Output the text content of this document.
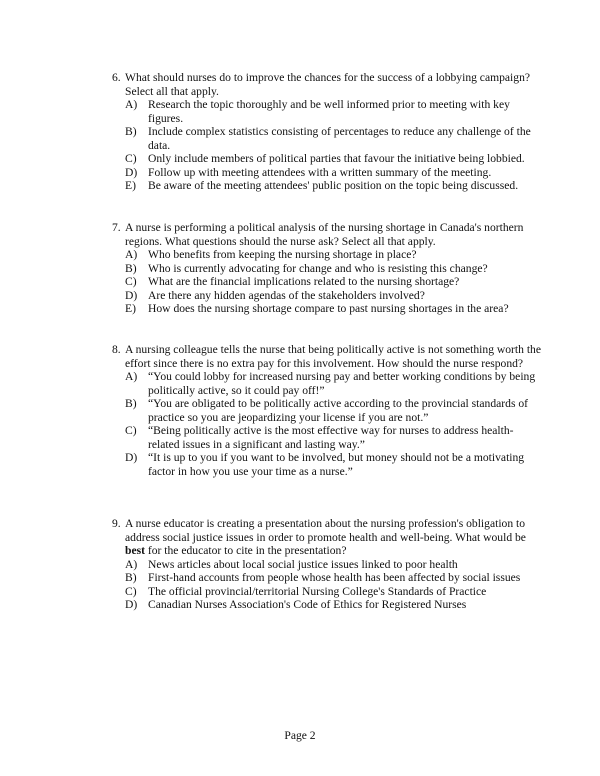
6. What should nurses do to improve the chances for the success of a lobbying campaign? Select all that apply.
A) Research the topic thoroughly and be well informed prior to meeting with key figures.
B) Include complex statistics consisting of percentages to reduce any challenge of the data.
C) Only include members of political parties that favour the initiative being lobbied.
D) Follow up with meeting attendees with a written summary of the meeting.
E) Be aware of the meeting attendees' public position on the topic being discussed.
7. A nurse is performing a political analysis of the nursing shortage in Canada's northern regions. What questions should the nurse ask? Select all that apply.
A) Who benefits from keeping the nursing shortage in place?
B) Who is currently advocating for change and who is resisting this change?
C) What are the financial implications related to the nursing shortage?
D) Are there any hidden agendas of the stakeholders involved?
E) How does the nursing shortage compare to past nursing shortages in the area?
8. A nursing colleague tells the nurse that being politically active is not something worth the effort since there is no extra pay for this involvement. How should the nurse respond?
A) “You could lobby for increased nursing pay and better working conditions by being politically active, so it could pay off!”
B) “You are obligated to be politically active according to the provincial standards of practice so you are jeopardizing your license if you are not.”
C) “Being politically active is the most effective way for nurses to address health-related issues in a significant and lasting way.”
D) “It is up to you if you want to be involved, but money should not be a motivating factor in how you use your time as a nurse.”
9. A nurse educator is creating a presentation about the nursing profession's obligation to address social justice issues in order to promote health and well-being. What would be best for the educator to cite in the presentation?
A) News articles about local social justice issues linked to poor health
B) First-hand accounts from people whose health has been affected by social issues
C) The official provincial/territorial Nursing College's Standards of Practice
D) Canadian Nurses Association's Code of Ethics for Registered Nurses
Page 2
